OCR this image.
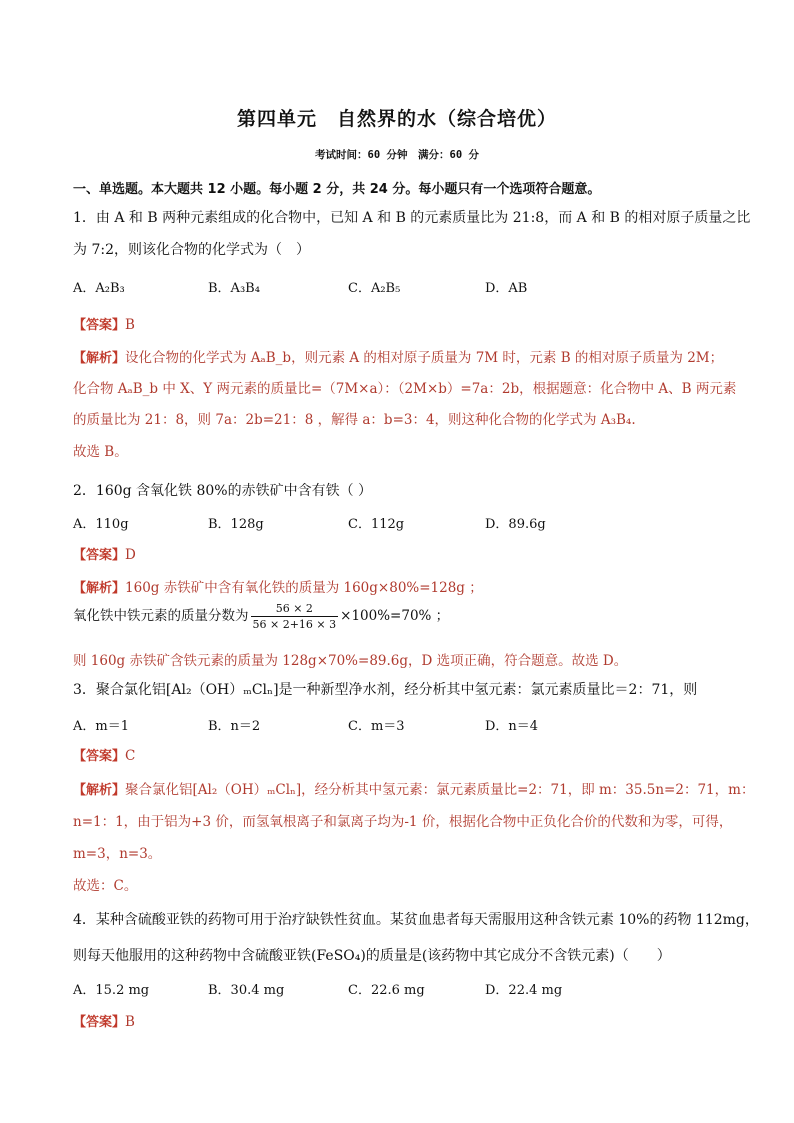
第四单元　自然界的水（综合培优）
考试时间：60 分钟　满分：60 分
一、单选题。本大题共 12 小题。每小题 2 分，共 24 分。每小题只有一个选项符合题意。
1．由 A 和 B 两种元素组成的化合物中，已知 A 和 B 的元素质量比为 21:8，而 A 和 B 的相对原子质量之比
为 7:2，则该化合物的化学式为（　）
A．A₂B₃	B．A₃B₄	C．A₂B₅	D．AB
【答案】B
【解析】设化合物的化学式为 AₐB_b，则元素 A 的相对原子质量为 7M 时，元素 B 的相对原子质量为 2M；
化合物 AₐB_b 中 X、Y 两元素的质量比=（7M×a）：（2M×b）=7a：2b，根据题意：化合物中 A、B 两元素
的质量比为 21：8，则 7a：2b=21：8 ，解得 a：b=3：4，则这种化合物的化学式为 A₃B₄.
故选 B。
2．160g 含氧化铁 80%的赤铁矿中含有铁（ ）
A．110g	B．128g	C．112g	D．89.6g
【答案】D
【解析】160g 赤铁矿中含有氧化铁的质量为 160g×80%=128g ；
氧化铁中铁元素的质量分数为 $\frac{56 \times 2}{56 \times 2+16 \times 3} \times 100\%=70\%$ ；
则 160g 赤铁矿含铁元素的质量为 128g×70%=89.6g，D 选项正确，符合题意。故选 D。
3．聚合氯化铝[Al₂（OH）ₘClₙ]是一种新型净水剂，经分析其中氢元素：氯元素质量比＝2：71，则
A．m＝1	B．n＝2	C．m＝3	D．n＝4
【答案】C
【解析】聚合氯化铝[Al₂（OH）ₘClₙ]，经分析其中氢元素：氯元素质量比=2：71，即 m：35.5n=2：71，m：
n=1：1，由于铝为+3 价，而氢氧根离子和氯离子均为-1 价，根据化合物中正负化合价的代数和为零，可得，
m=3，n=3。
故选：C。
4．某种含硫酸亚铁的药物可用于治疗缺铁性贫血。某贫血患者每天需服用这种含铁元素 10%的药物 112mg，
则每天他服用的这种药物中含硫酸亚铁(FeSO₄)的质量是(该药物中其它成分不含铁元素)（　　）
A．15.2 mg	B．30.4 mg	C．22.6 mg	D．22.4 mg
【答案】B
